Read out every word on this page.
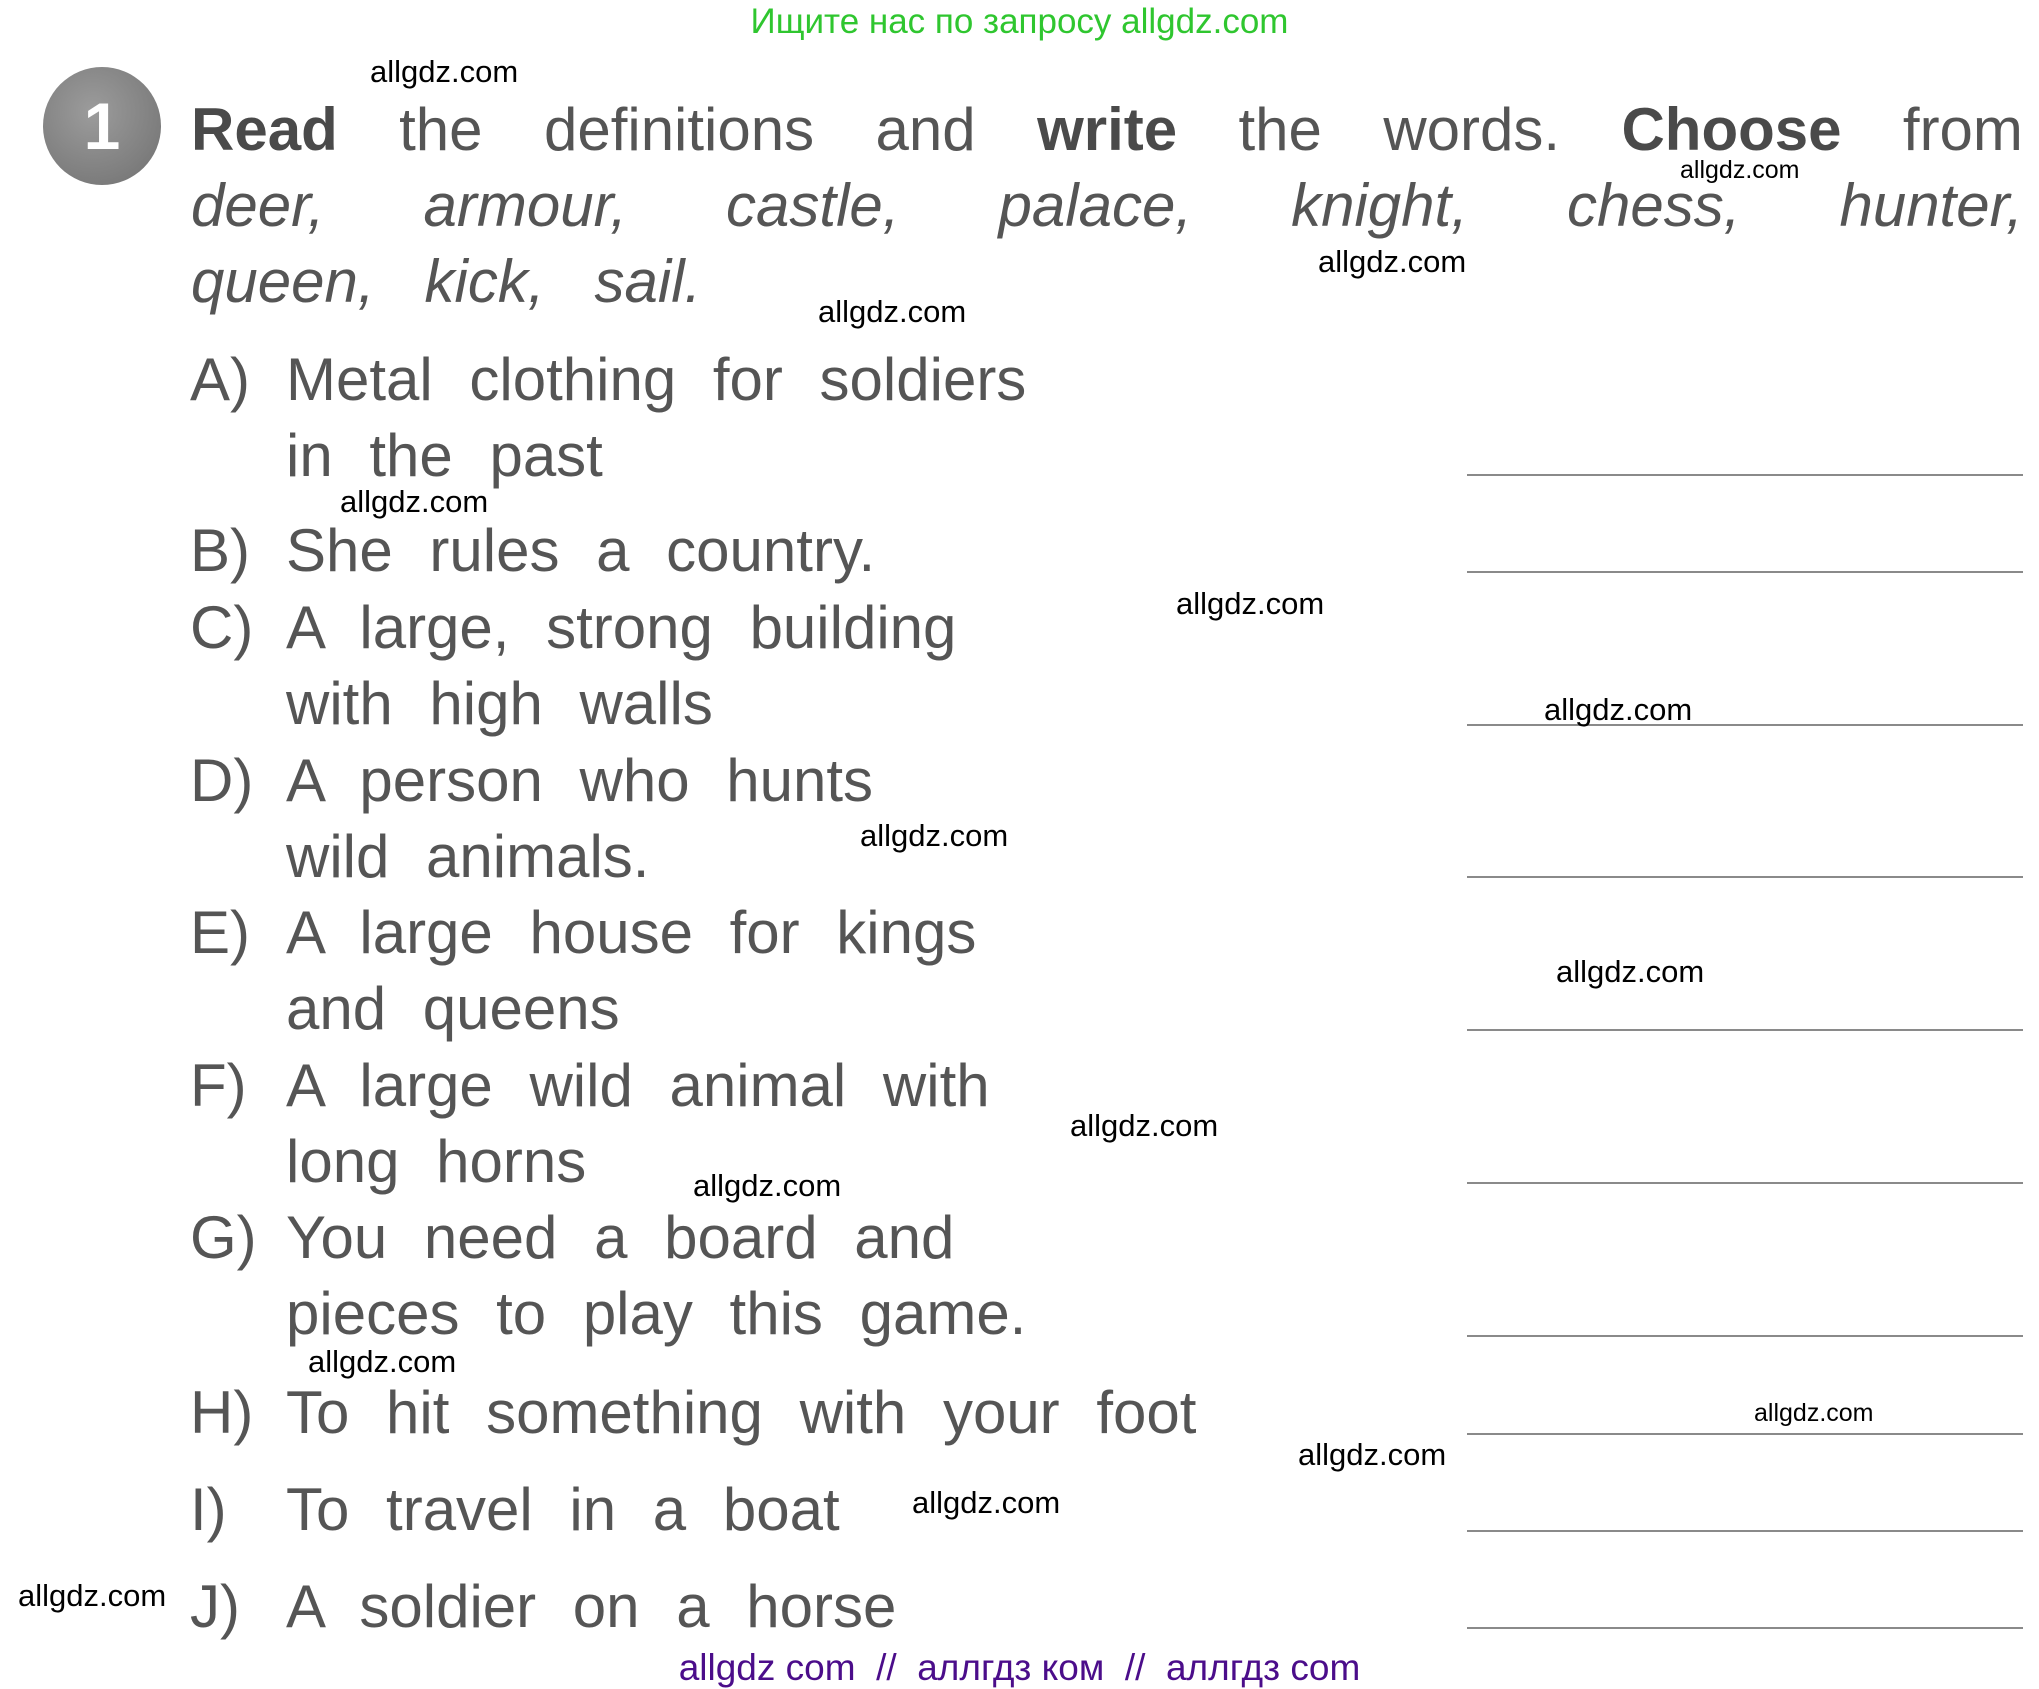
Ищите нас по запросу allgdz.com
1	Read the definitions and write the words. Choose from
deer, armour, castle, palace, knight, chess, hunter,
queen, kick, sail.
A) Metal clothing for soldiers
in the past
B) She rules a country.
C) A large, strong building
with high walls
D) A person who hunts
wild animals.
E) A large house for kings
and queens
F) A large wild animal with
long horns
G) You need a board and
pieces to play this game.
H) To hit something with your foot
I) To travel in a boat
J) A soldier on a horse
allgdz.com
allgdz.com
allgdz.com
allgdz.com
allgdz.com
allgdz.com
allgdz.com
allgdz.com
allgdz.com
allgdz.com
allgdz.com
allgdz.com
allgdz.com
allgdz.com
allgdz.com
allgdz.com
allgdz com  //  аллгдз ком  //  аллгдз com
